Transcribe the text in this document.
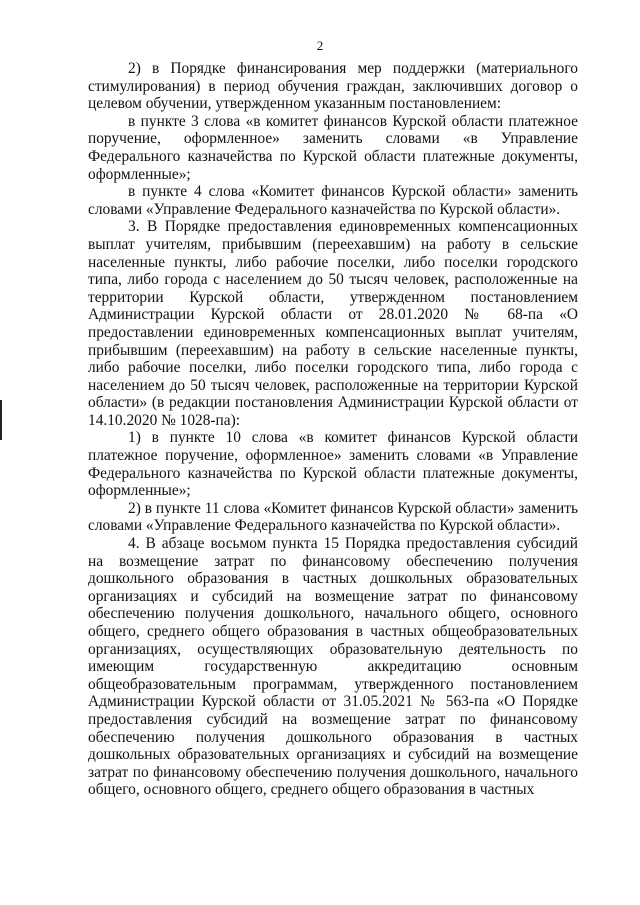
2

2) в Порядке финансирования мер поддержки (материального стимулирования) в период обучения граждан, заключивших договор о целевом обучении, утвержденном указанным постановлением:

в пункте 3 слова «в комитет финансов Курской области платежное поручение, оформленное» заменить словами «в Управление Федерального казначейства по Курской области платежные документы, оформленные»;

в пункте 4 слова «Комитет финансов Курской области» заменить словами «Управление Федерального казначейства по Курской области».

3. В Порядке предоставления единовременных компенсационных выплат учителям, прибывшим (переехавшим) на работу в сельские населенные пункты, либо рабочие поселки, либо поселки городского типа, либо города с населением до 50 тысяч человек, расположенные на территории Курской области, утвержденном постановлением Администрации Курской области от 28.01.2020 № 68-па «О предоставлении единовременных компенсационных выплат учителям, прибывшим (переехавшим) на работу в сельские населенные пункты, либо рабочие поселки, либо поселки городского типа, либо города с населением до 50 тысяч человек, расположенные на территории Курской области» (в редакции постановления Администрации Курской области от 14.10.2020 № 1028-па):

1) в пункте 10 слова «в комитет финансов Курской области платежное поручение, оформленное» заменить словами «в Управление Федерального казначейства по Курской области платежные документы, оформленные»;

2) в пункте 11 слова «Комитет финансов Курской области» заменить словами «Управление Федерального казначейства по Курской области».

4. В абзаце восьмом пункта 15 Порядка предоставления субсидий на возмещение затрат по финансовому обеспечению получения дошкольного образования в частных дошкольных образовательных организациях и субсидий на возмещение затрат по финансовому обеспечению получения дошкольного, начального общего, основного общего, среднего общего образования в частных общеобразовательных организациях, осуществляющих образовательную деятельность по имеющим государственную аккредитацию основным общеобразовательным программам, утвержденного постановлением Администрации Курской области от 31.05.2021 № 563-па «О Порядке предоставления субсидий на возмещение затрат по финансовому обеспечению получения дошкольного образования в частных дошкольных образовательных организациях и субсидий на возмещение затрат по финансовому обеспечению получения дошкольного, начального общего, основного общего, среднего общего образования в частных
